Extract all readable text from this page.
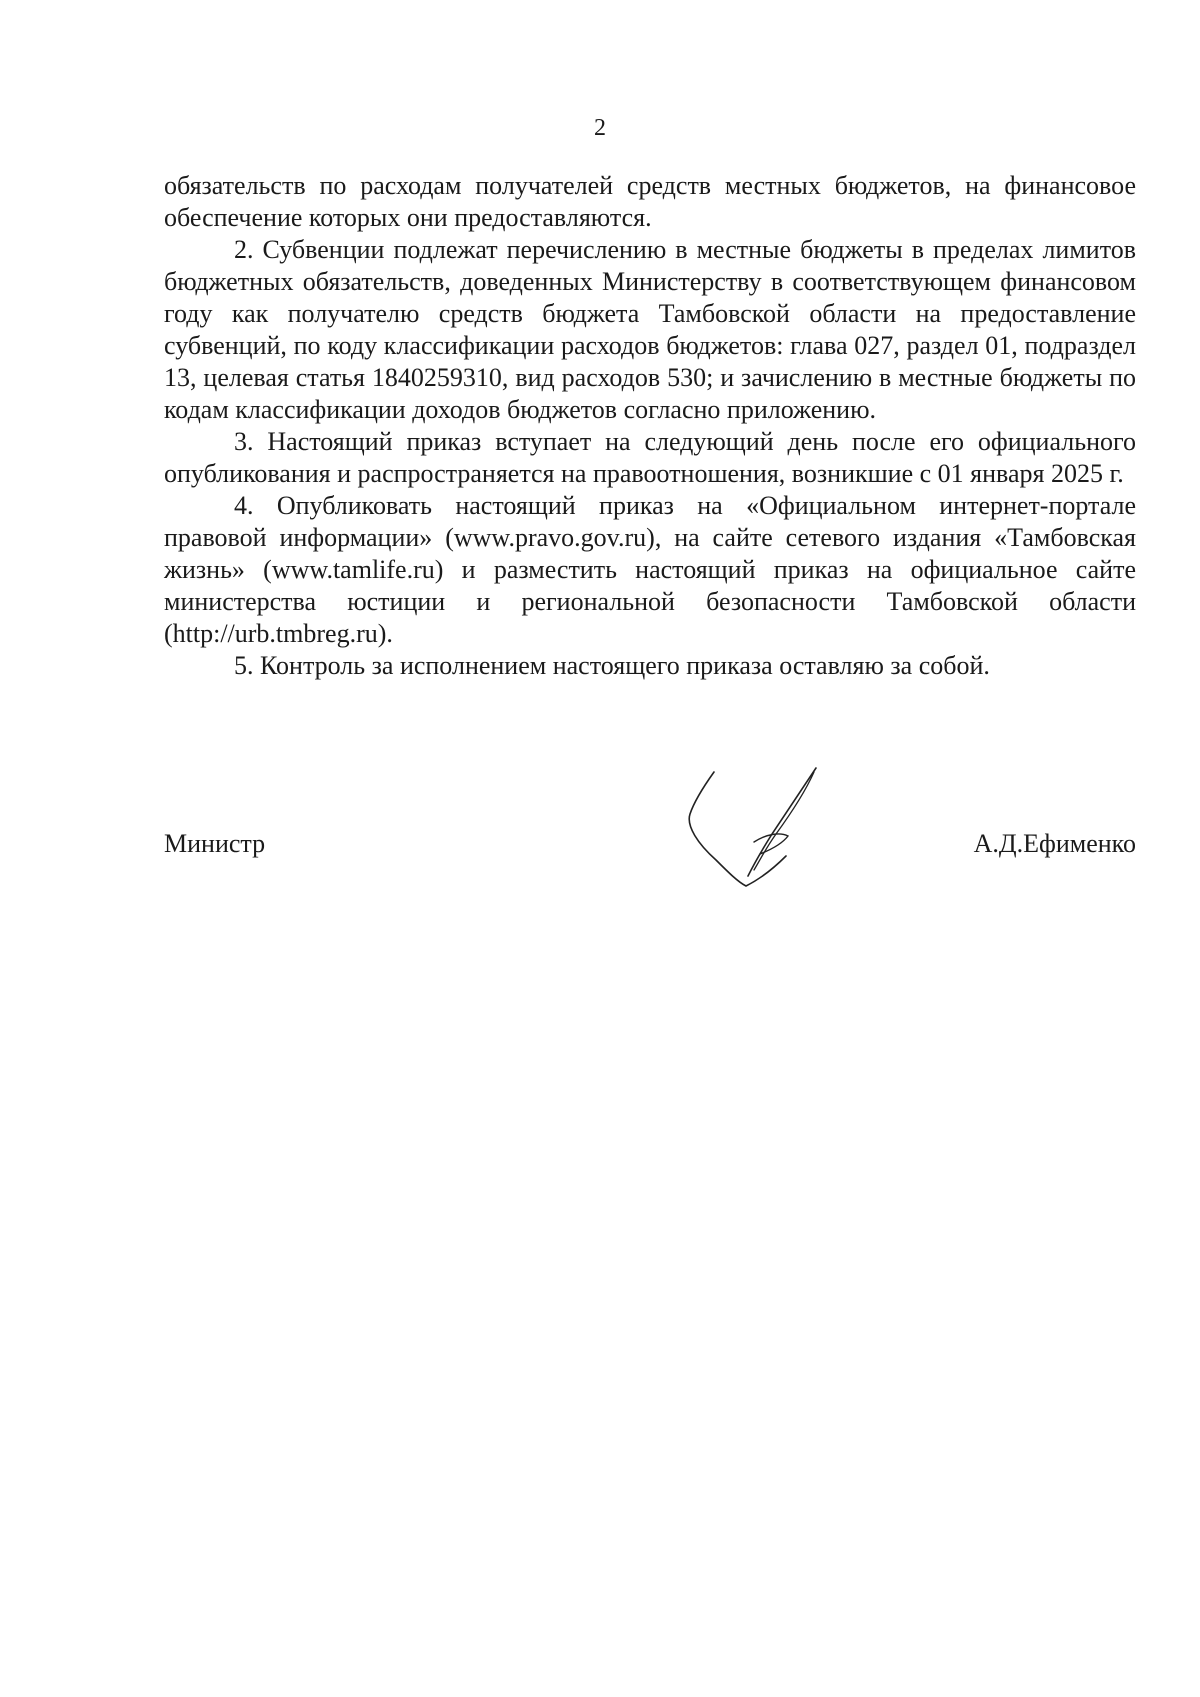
2

обязательств по расходам получателей средств местных бюджетов, на финансовое обеспечение которых они предоставляются.

2. Субвенции подлежат перечислению в местные бюджеты в пределах лимитов бюджетных обязательств, доведенных Министерству в соответствующем финансовом году как получателю средств бюджета Тамбовской области на предоставление субвенций, по коду классификации расходов бюджетов: глава 027, раздел 01, подраздел 13, целевая статья 1840259310, вид расходов 530; и зачислению в местные бюджеты по кодам классификации доходов бюджетов согласно приложению.

3. Настоящий приказ вступает на следующий день после его официального опубликования и распространяется на правоотношения, возникшие с 01 января 2025 г.

4. Опубликовать настоящий приказ на «Официальном интернет-портале правовой информации» (www.pravo.gov.ru), на сайте сетевого издания «Тамбовская жизнь» (www.tamlife.ru) и разместить настоящий приказ на официальное сайте министерства юстиции и региональной безопасности Тамбовской области (http://urb.tmbreg.ru).

5. Контроль за исполнением настоящего приказа оставляю за собой.

Министр	А.Д.Ефименко
